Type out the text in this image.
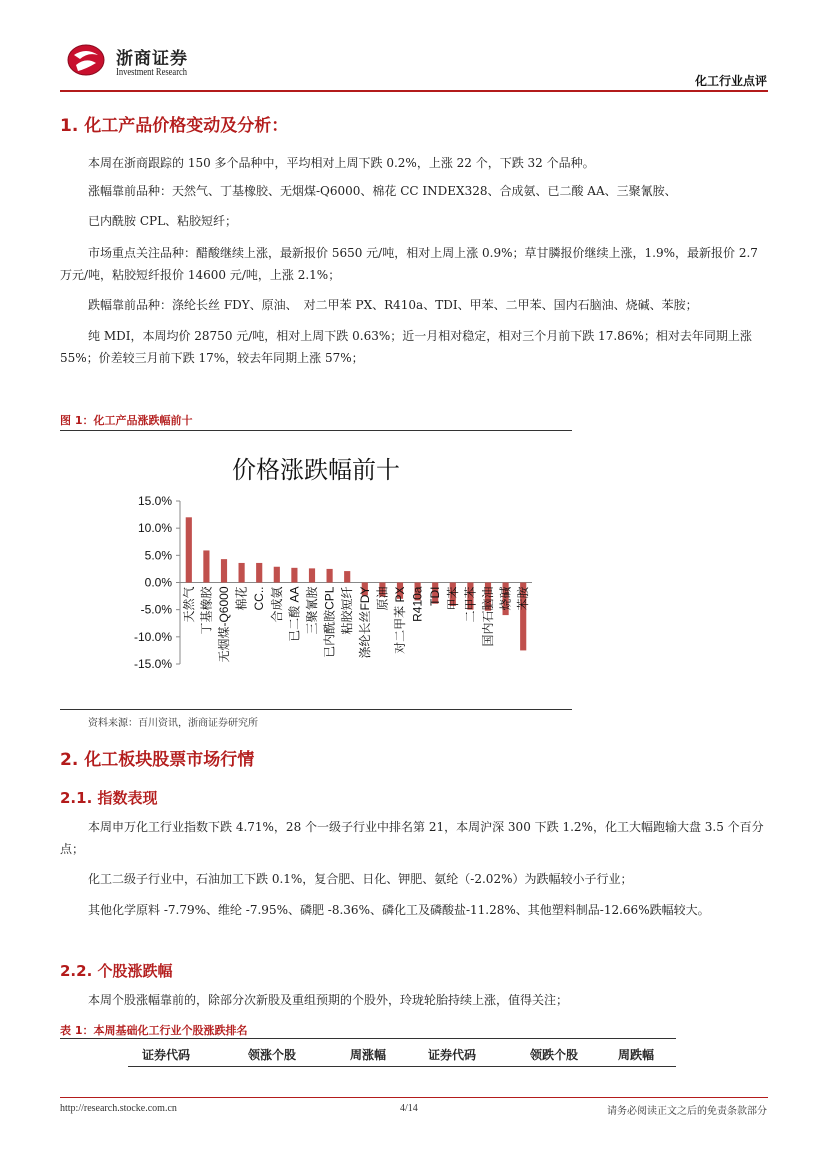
浙商证券
Investment Research
化工行业点评
1. 化工产品价格变动及分析：
本周在浙商跟踪的 150 多个品种中，平均相对上周下跌 0.2%，上涨 22 个，下跌 32 个品种。
涨幅靠前品种：天然气、丁基橡胶、无烟煤-Q6000、棉花 CC INDEX328、合成氨、已二酸 AA、三聚氰胺、
已内酰胺 CPL、粘胶短纤；
市场重点关注品种：醋酸继续上涨，最新报价 5650 元/吨，相对上周上涨 0.9%；草甘膦报价继续上涨，1.9%，最新报价 2.7 万元/吨，粘胶短纤报价 14600 元/吨，上涨 2.1%；
跌幅靠前品种：涤纶长丝 FDY、原油、　对二甲苯 PX、R410a、TDI、甲苯、二甲苯、国内石脑油、烧碱、苯胺；
纯 MDI，本周均价 28750 元/吨，相对上周下跌 0.63%；近一月相对稳定，相对三个月前下跌 17.86%；相对去年同期上涨 55%；价差较三月前下跌 17%，较去年同期上涨 57%；
图 1：化工产品涨跌幅前十
价格涨跌幅前十
15.0%
10.0%
5.0%
0.0%
-5.0%
-10.0%
-15.0%
天然气 丁基橡胶 无烟煤-Q6000 棉花 CC.. 合成氨 已二酸 AA 三聚氰胺 已内酰胺CPL 粘胶短纤 涤纶长丝FDY 原油 对二甲苯 PX R410a TDI 甲苯 二甲苯 国内石脑油 烧碱 苯胺
资料来源：百川资讯，浙商证券研究所
2. 化工板块股票市场行情
2.1. 指数表现
本周申万化工行业指数下跌 4.71%，28 个一级子行业中排名第 21，本周沪深 300 下跌 1.2%，化工大幅跑输大盘 3.5 个百分点；
化工二级子行业中，石油加工下跌 0.1%，复合肥、日化、钾肥、氨纶（-2.02%）为跌幅较小子行业；
其他化学原料 -7.79%、维纶 -7.95%、磷肥 -8.36%、磷化工及磷酸盐-11.28%、其他塑料制品-12.66%跌幅较大。
2.2. 个股涨跌幅
本周个股涨幅靠前的，除部分次新股及重组预期的个股外，玲珑轮胎持续上涨，值得关注；
表 1：本周基础化工行业个股涨跌排名
证券代码	领涨个股	周涨幅	证券代码	领跌个股	周跌幅
http://research.stocke.com.cn	4/14	请务必阅读正文之后的免责条款部分
